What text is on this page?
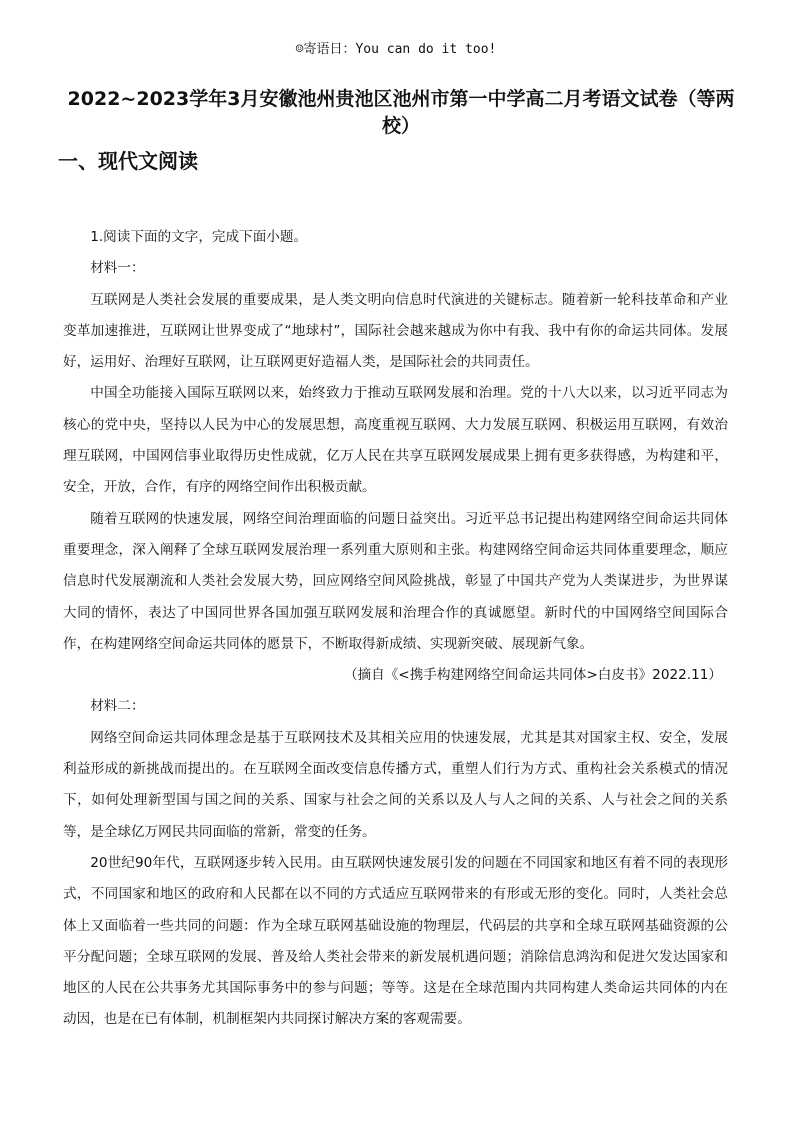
☺寄语日：You can do it too!
2022~2023学年3月安徽池州贵池区池州市第一中学高二月考语文试卷（等两校）
一、现代文阅读

1.阅读下面的文字，完成下面小题。

材料一：

互联网是人类社会发展的重要成果，是人类文明向信息时代演进的关键标志。随着新一轮科技革命和产业变革加速推进，互联网让世界变成了“地球村”，国际社会越来越成为你中有我、我中有你的命运共同体。发展好，运用好、治理好互联网，让互联网更好造福人类，是国际社会的共同责任。

中国全功能接入国际互联网以来，始终致力于推动互联网发展和治理。党的十八大以来，以习近平同志为核心的党中央，坚持以人民为中心的发展思想，高度重视互联网、大力发展互联网、积极运用互联网，有效治理互联网，中国网信事业取得历史性成就，亿万人民在共享互联网发展成果上拥有更多获得感，为构建和平，安全，开放，合作，有序的网络空间作出积极贡献。

随着互联网的快速发展，网络空间治理面临的问题日益突出。习近平总书记提出构建网络空间命运共同体重要理念，深入阐释了全球互联网发展治理一系列重大原则和主张。构建网络空间命运共同体重要理念，顺应信息时代发展潮流和人类社会发展大势，回应网络空间风险挑战，彰显了中国共产党为人类谋进步，为世界谋大同的情怀，表达了中国同世界各国加强互联网发展和治理合作的真诚愿望。新时代的中国网络空间国际合作，在构建网络空间命运共同体的愿景下，不断取得新成绩、实现新突破、展现新气象。

（摘自《<携手构建网络空间命运共同体>白皮书》2022.11）

材料二：

网络空间命运共同体理念是基于互联网技术及其相关应用的快速发展，尤其是其对国家主权、安全，发展利益形成的新挑战而提出的。在互联网全面改变信息传播方式，重塑人们行为方式、重构社会关系模式的情况下，如何处理新型国与国之间的关系、国家与社会之间的关系以及人与人之间的关系、人与社会之间的关系等，是全球亿万网民共同面临的常新，常变的任务。

20世纪90年代，互联网逐步转入民用。由互联网快速发展引发的问题在不同国家和地区有着不同的表现形式，不同国家和地区的政府和人民都在以不同的方式适应互联网带来的有形或无形的变化。同时，人类社会总体上又面临着一些共同的问题：作为全球互联网基础设施的物理层，代码层的共享和全球互联网基础资源的公平分配问题；全球互联网的发展、普及给人类社会带来的新发展机遇问题；消除信息鸿沟和促进欠发达国家和地区的人民在公共事务尤其国际事务中的参与问题；等等。这是在全球范围内共同构建人类命运共同体的内在动因，也是在已有体制，机制框架内共同探讨解决方案的客观需要。
